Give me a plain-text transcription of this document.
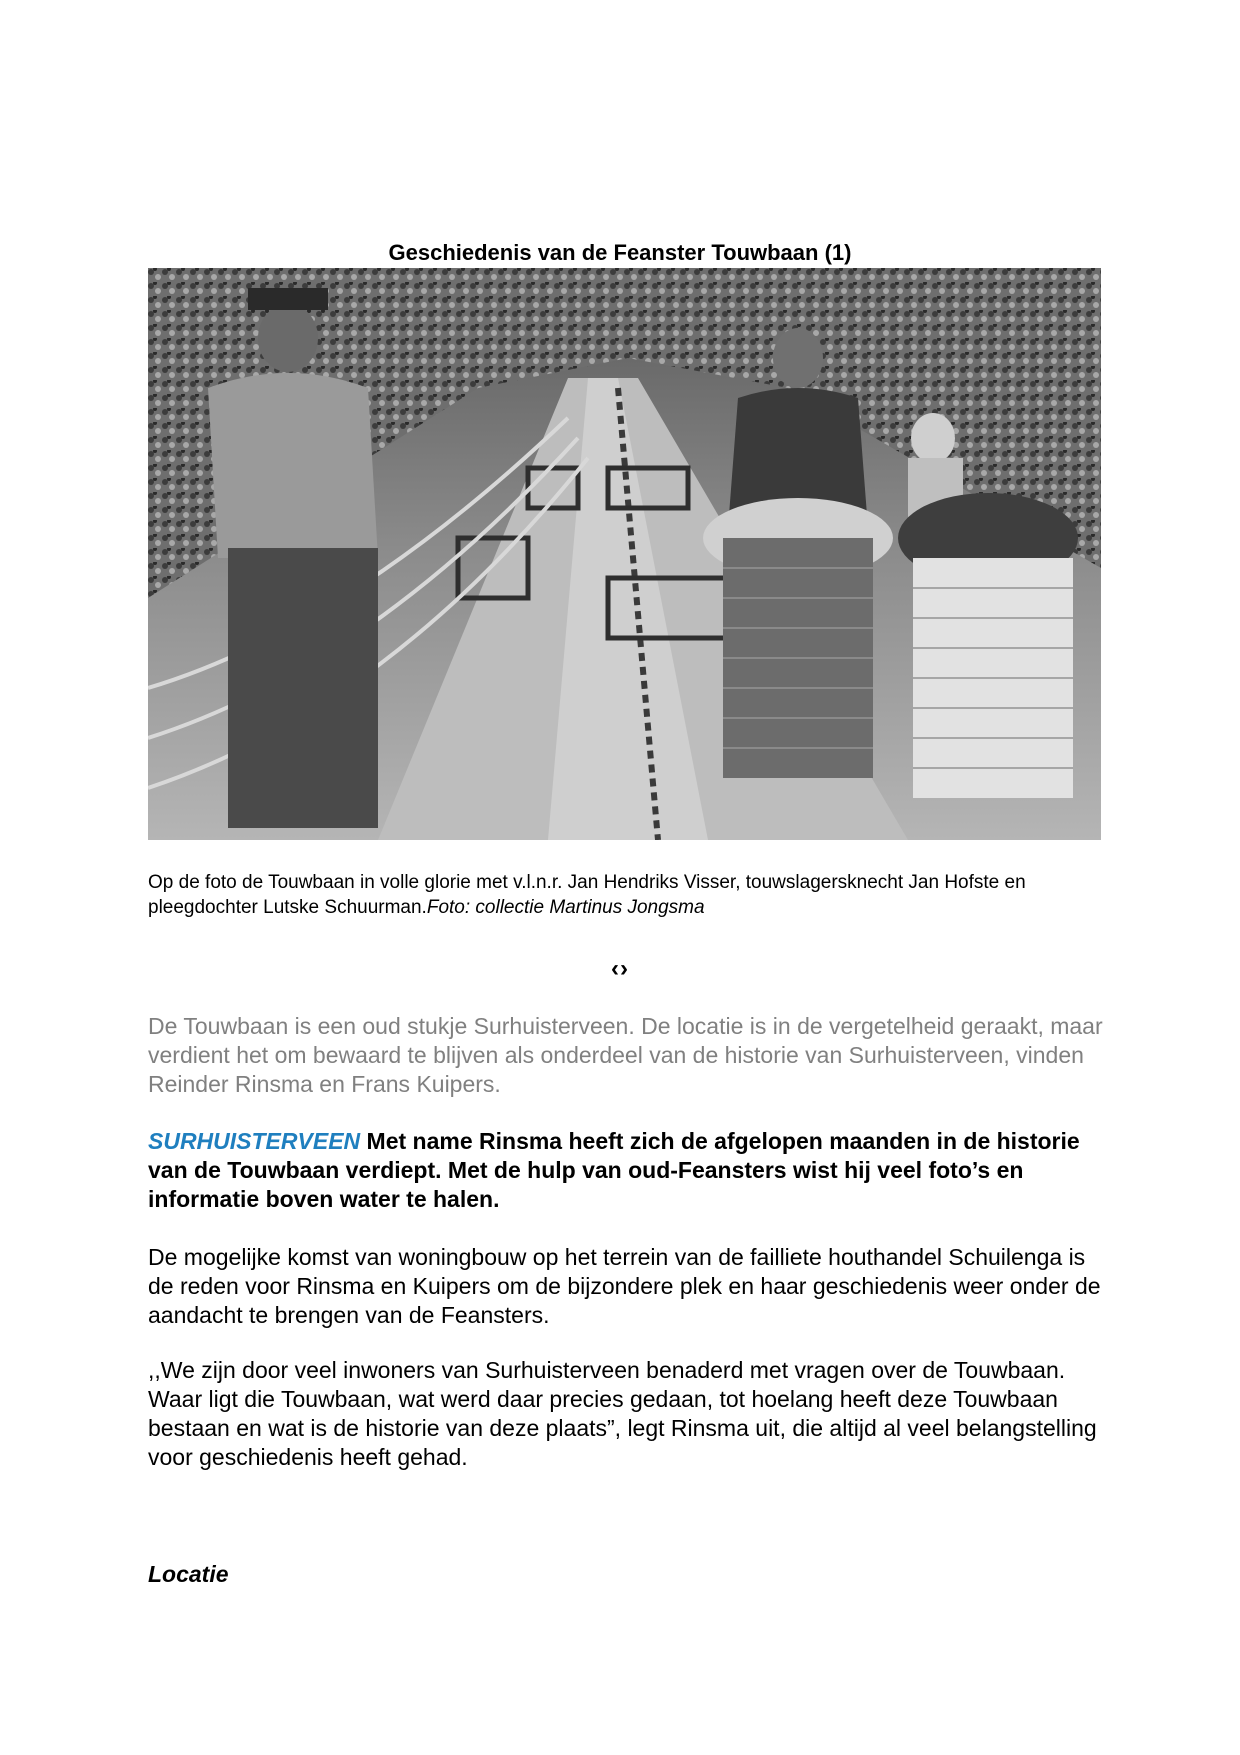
Geschiedenis van de Feanster Touwbaan (1)
Op de foto de Touwbaan in volle glorie met v.l.n.r. Jan Hendriks Visser, touwslagersknecht Jan Hofste en pleegdochter Lutske Schuurman.Foto: collectie Martinus Jongsma
‹›
De Touwbaan is een oud stukje Surhuisterveen. De locatie is in de vergetelheid geraakt, maar verdient het om bewaard te blijven als onderdeel van de historie van Surhuisterveen, vinden Reinder Rinsma en Frans Kuipers.
SURHUISTERVEEN Met name Rinsma heeft zich de afgelopen maanden in de historie van de Touwbaan verdiept. Met de hulp van oud-Feansters wist hij veel foto’s en informatie boven water te halen.
De mogelijke komst van woningbouw op het terrein van de failliete houthandel Schuilenga is de reden voor Rinsma en Kuipers om de bijzondere plek en haar geschiedenis weer onder de aandacht te brengen van de Feansters.
,,We zijn door veel inwoners van Surhuisterveen benaderd met vragen over de Touwbaan. Waar ligt die Touwbaan, wat werd daar precies gedaan, tot hoelang heeft deze Touwbaan bestaan en wat is de historie van deze plaats”, legt Rinsma uit, die altijd al veel belangstelling voor geschiedenis heeft gehad.
Locatie
